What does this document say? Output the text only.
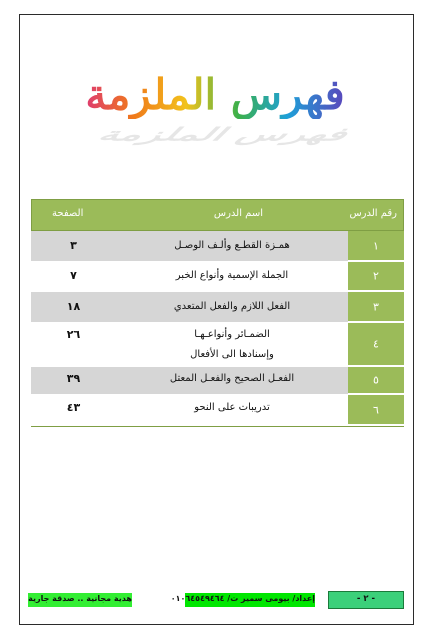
فهرس الملزمة
فهرس الملزمة
رقم الدرس
اسم الدرس
الصفحة
١
همـزة القطـع وألـف الوصـل
٣
٢
الجملة الإسمية وأنواع الخبر
٧
٣
الفعل اللازم والفعل المتعدي
١٨
٤
الضمـائر وأنواعـهـا
وإسنادها الى الأفعال
٢٦
٥
الفعـل الصحيح والفعـل المعتل
٣٩
٦
تدريبات على النحو
٤٣
- ٢ -
إعداد/ بيومى سمير ت/ ٠١٠٦٤٥٤٩٤٦٤
هدية مجانية .. صدقة جارية
